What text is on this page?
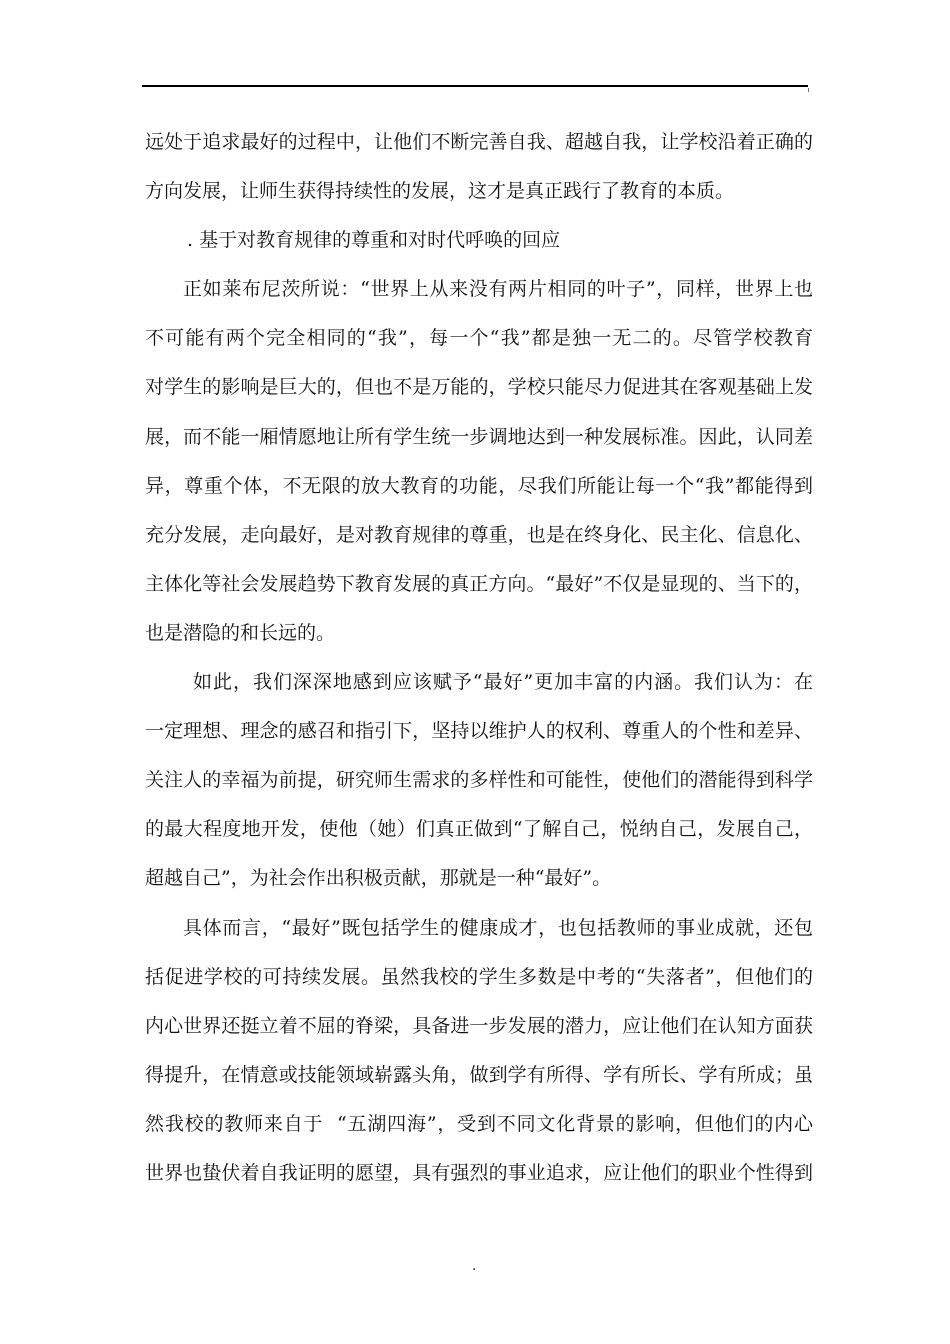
远处于追求最好的过程中，让他们不断完善自我、超越自我，让学校沿着正确的
方向发展，让师生获得持续性的发展，这才是真正践行了教育的本质。
. 基于对教育规律的尊重和对时代呼唤的回应
正如莱布尼茨所说：“世界上从来没有两片相同的叶子”，同样，世界上也
不可能有两个完全相同的“我”，每一个“我”都是独一无二的。尽管学校教育
对学生的影响是巨大的，但也不是万能的，学校只能尽力促进其在客观基础上发
展，而不能一厢情愿地让所有学生统一步调地达到一种发展标准。因此，认同差
异，尊重个体，不无限的放大教育的功能，尽我们所能让每一个“我”都能得到
充分发展，走向最好，是对教育规律的尊重，也是在终身化、民主化、信息化、
主体化等社会发展趋势下教育发展的真正方向。“最好”不仅是显现的、当下的，
也是潜隐的和长远的。
如此，我们深深地感到应该赋予“最好”更加丰富的内涵。我们认为：在
一定理想、理念的感召和指引下，坚持以维护人的权利、尊重人的个性和差异、
关注人的幸福为前提，研究师生需求的多样性和可能性，使他们的潜能得到科学
的最大程度地开发，使他（她）们真正做到“了解自己，悦纳自己，发展自己，
超越自己”，为社会作出积极贡献，那就是一种“最好”。
具体而言，“最好”既包括学生的健康成才，也包括教师的事业成就，还包
括促进学校的可持续发展。虽然我校的学生多数是中考的“失落者”，但他们的
内心世界还挺立着不屈的脊梁，具备进一步发展的潜力，应让他们在认知方面获
得提升，在情意或技能领域崭露头角，做到学有所得、学有所长、学有所成；虽
然我校的教师来自于  “五湖四海”，受到不同文化背景的影响，但他们的内心
世界也蛰伏着自我证明的愿望，具有强烈的事业追求，应让他们的职业个性得到
.
